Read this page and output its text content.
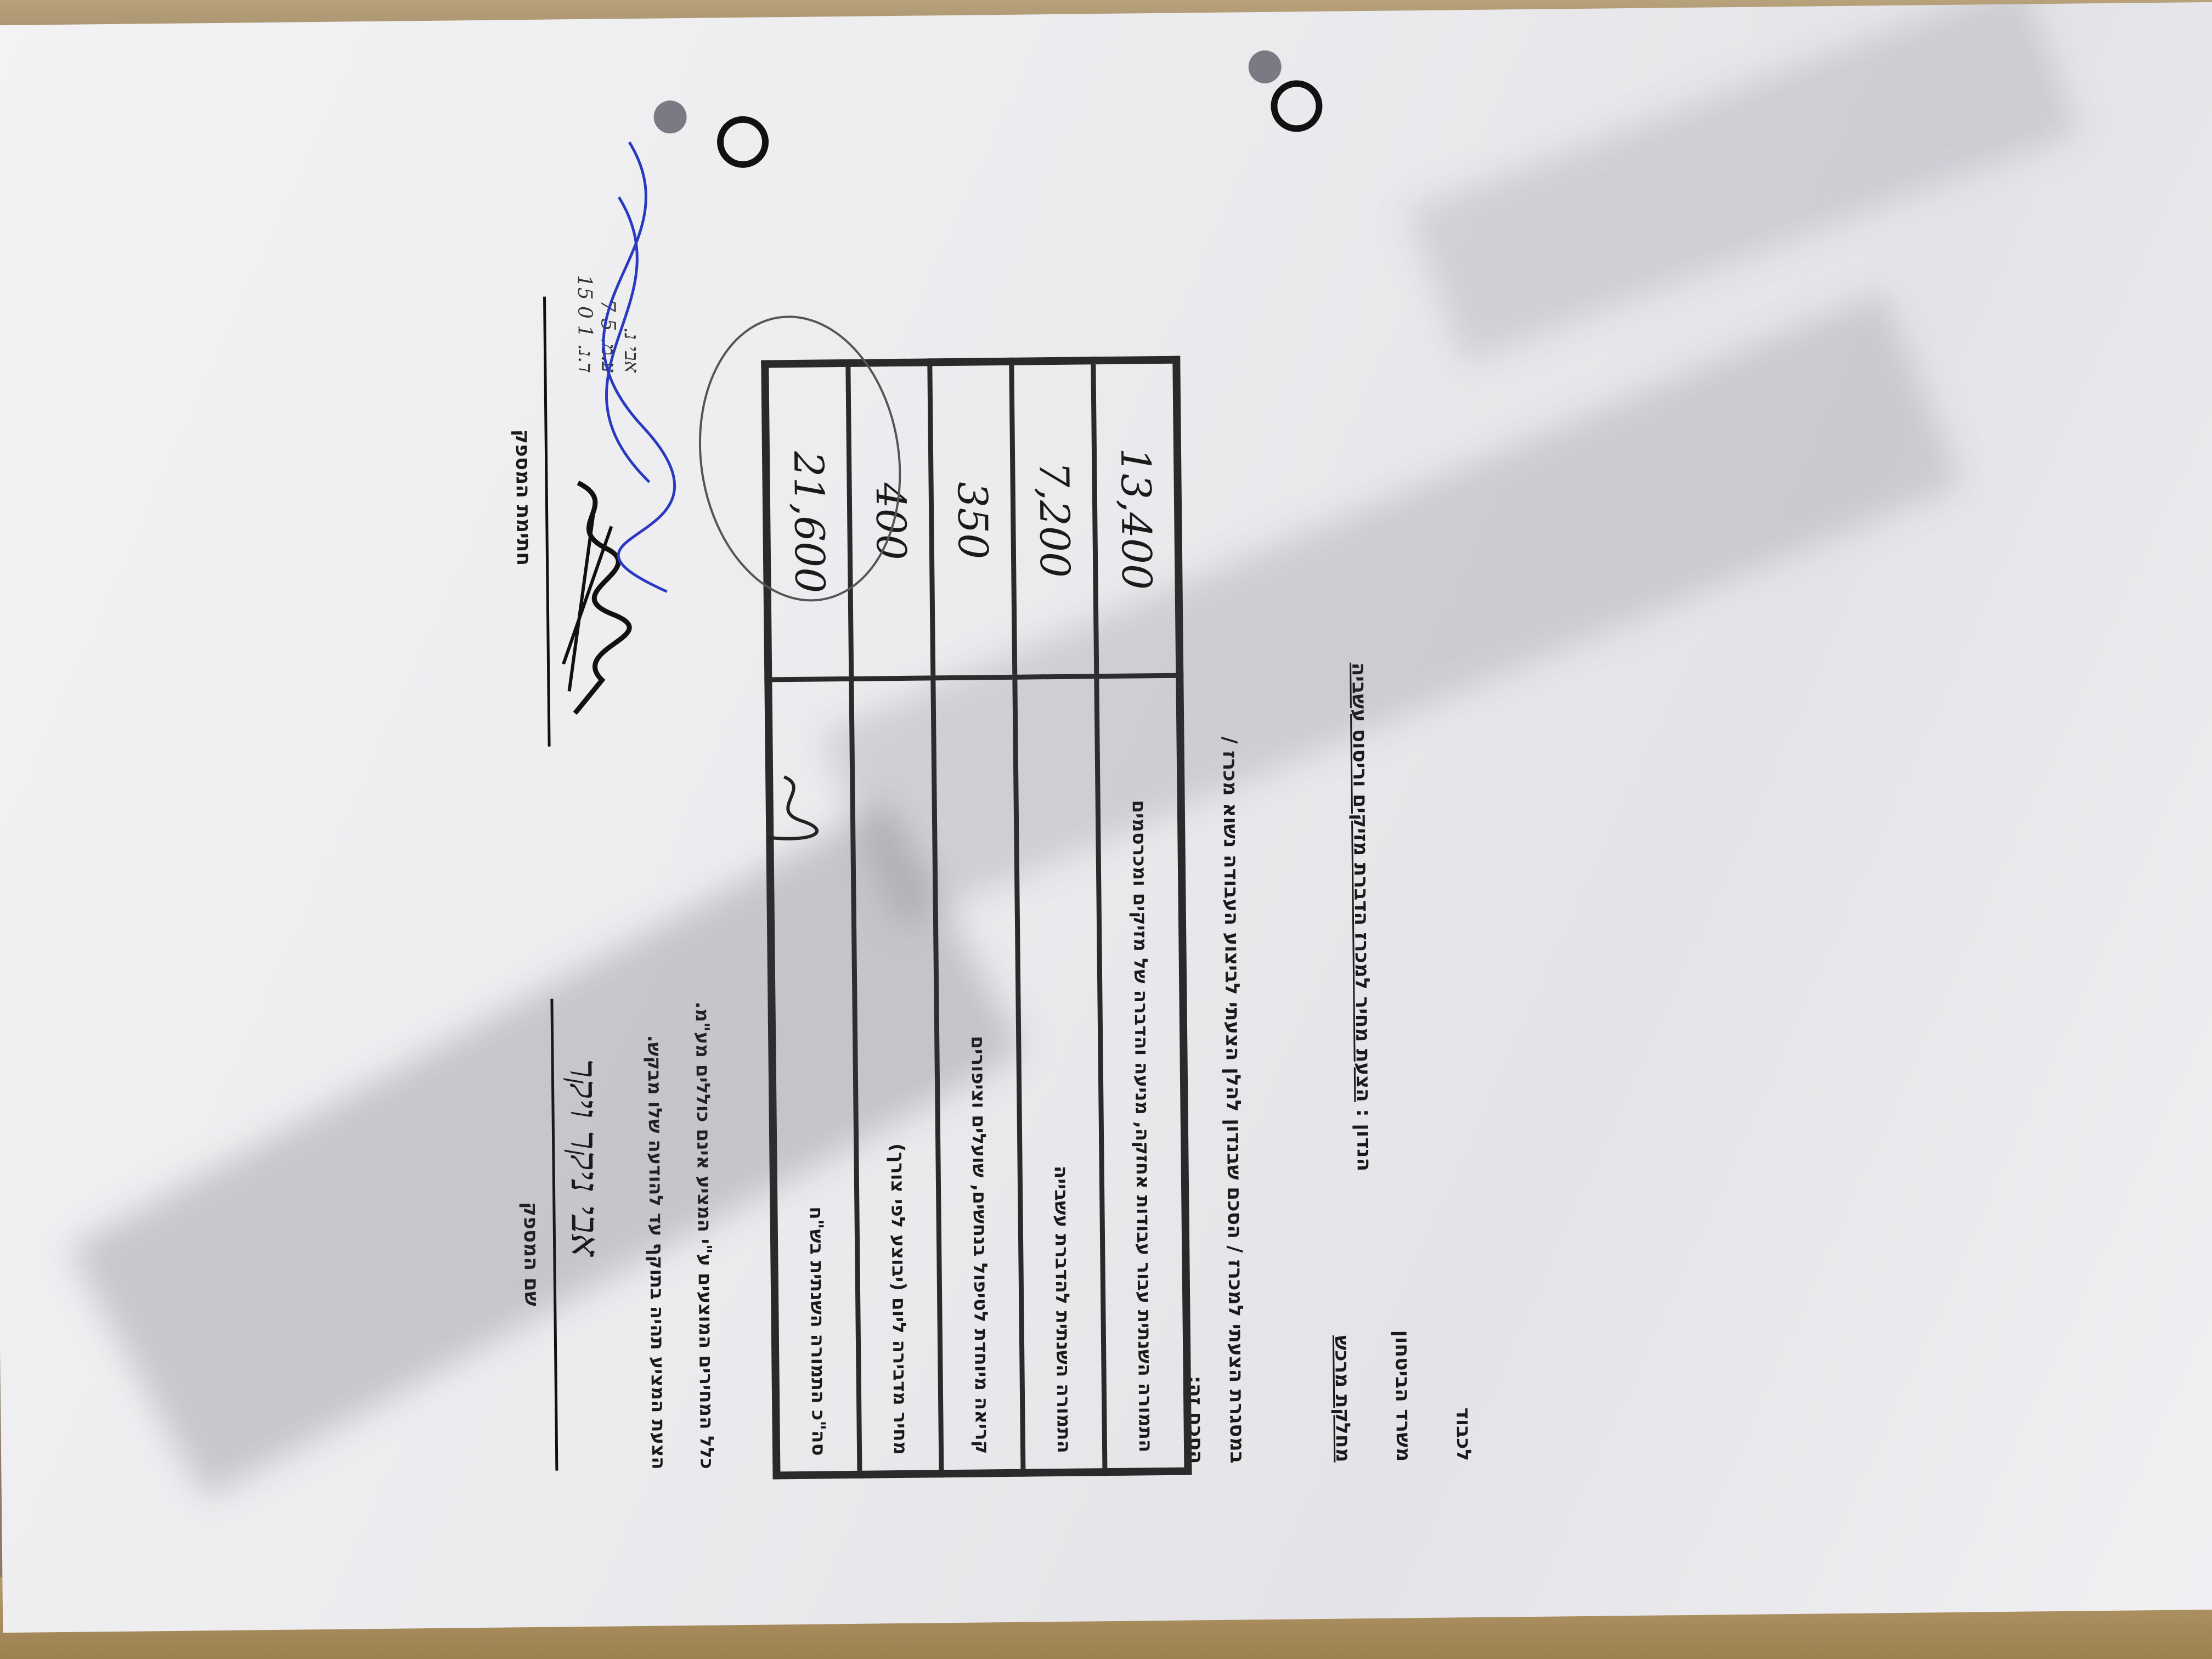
לכבוד
משרד הביטחון
מחלקת מרכש
הנדון : הצעת מחיר למכרז הדברת מזיקים וריסוס עשביה
במסגרת הצעתי למכרז / הסכם שבנדון להלן הצעתי לביצוע העבודה נשוא מכרז /
הסכם זה:
התמורה השנתית עבור עבודות אחזקה, מניעה והדברה של מזיקים ומכרסמים	13,400
התמורה השנתית להדברת עשבייה	7,200
קריאה מיוחדת לטיפול בנחשים, שועלים וציפורים	350
מחיר מדבירה ליום (יבוצע לפי צורך)	400
סה"כ התמורה השנתית בש"ח	21,600
כלל המחירים המוצעים ע"י המציע אינם כוללים מע"מ.
הצעת המציע תהיה בתוקף עד להודעה שלו מבקש.
אבי ניקר ויקר
שם המספק
חתימת המספק
אבי נ.
ע.מ. 5 7
ד.נ. 1 0 15
